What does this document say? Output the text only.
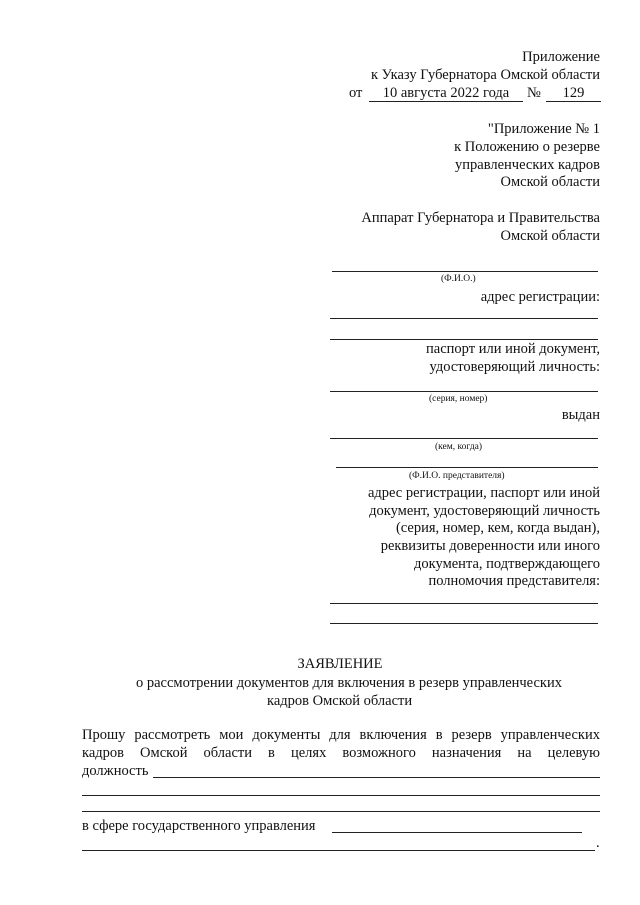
Приложение
к Указу Губернатора Омской области
от	10 августа 2022 года	№	129
"Приложение № 1
к Положению о резерве
управленческих кадров
Омской области
Аппарат Губернатора и Правительства
Омской области
(Ф.И.О.)
адрес регистрации:
паспорт или иной документ,
удостоверяющий личность:
(серия, номер)
выдан
(кем, когда)
(Ф.И.О. представителя)
адрес регистрации, паспорт или иной
документ, удостоверяющий личность
(серия, номер, кем, когда выдан),
реквизиты доверенности или иного
документа, подтверждающего
полномочия представителя:
ЗАЯВЛЕНИЕ
о рассмотрении документов для включения в резерв управленческих
кадров Омской области
Прошу рассмотреть мои документы для включения в резерв управленческих
кадров Омской области в целях возможного назначения на целевую
должность
в сфере государственного управления
.
